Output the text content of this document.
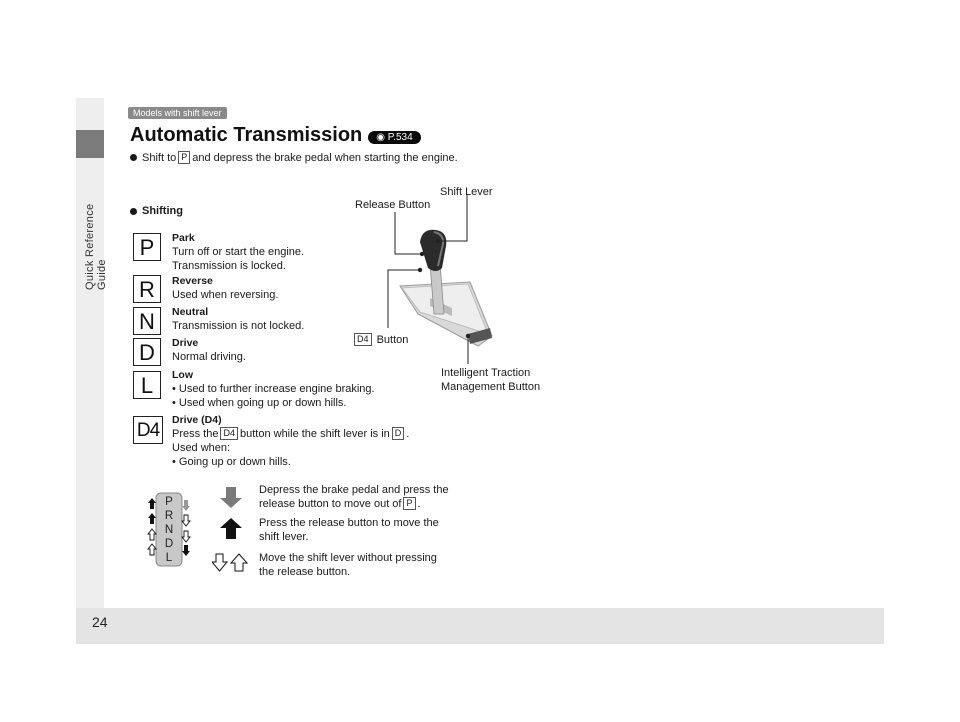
Quick Reference Guide
24
Models with shift lever
Automatic Transmission	◉ P.534
Shift to P and depress the brake pedal when starting the engine.
Shifting
P	Park
Turn off or start the engine.
Transmission is locked.
R	Reverse
Used when reversing.
N	Neutral
Transmission is not locked.
D	Drive
Normal driving.
L	Low
• Used to further increase engine braking.
• Used when going up or down hills.
D4	Drive (D4)
Press the D4 button while the shift lever is in D .
Used when:
• Going up or down hills.
Shift Lever
Release Button
D4 Button
Intelligent Traction
Management Button
P
R
N
D
L
Depress the brake pedal and press the
release button to move out of P .
Press the release button to move the
shift lever.
Move the shift lever without pressing
the release button.
